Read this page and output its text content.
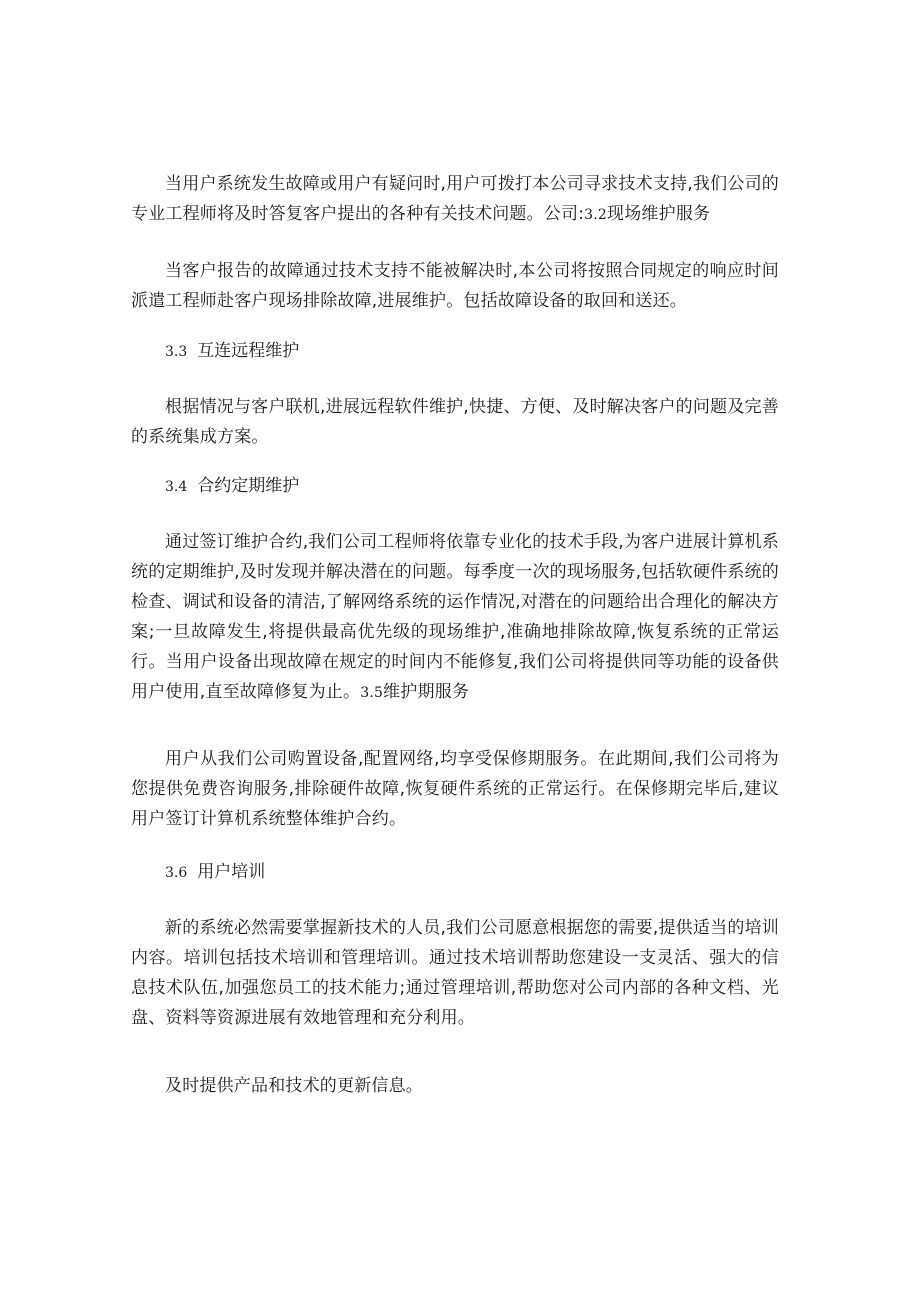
当用户系统发生故障或用户有疑问时,用户可拨打本公司寻求技术支持,我们公司的专业工程师将及时答复客户提出的各种有关技术问题。公司:3.2现场维护服务

当客户报告的故障通过技术支持不能被解决时,本公司将按照合同规定的响应时间派遣工程师赴客户现场排除故障,进展维护。包括故障设备的取回和送还。

3.3 互连远程维护

根据情况与客户联机,进展远程软件维护,快捷、方便、及时解决客户的问题及完善的系统集成方案。

3.4 合约定期维护

通过签订维护合约,我们公司工程师将依靠专业化的技术手段,为客户进展计算机系统的定期维护,及时发现并解决潜在的问题。每季度一次的现场服务,包括软硬件系统的检查、调试和设备的清洁,了解网络系统的运作情况,对潜在的问题给出合理化的解决方案;一旦故障发生,将提供最高优先级的现场维护,准确地排除故障,恢复系统的正常运行。当用户设备出现故障在规定的时间内不能修复,我们公司将提供同等功能的设备供用户使用,直至故障修复为止。3.5维护期服务

用户从我们公司购置设备,配置网络,均享受保修期服务。在此期间,我们公司将为您提供免费咨询服务,排除硬件故障,恢复硬件系统的正常运行。在保修期完毕后,建议用户签订计算机系统整体维护合约。

3.6 用户培训

新的系统必然需要掌握新技术的人员,我们公司愿意根据您的需要,提供适当的培训内容。培训包括技术培训和管理培训。通过技术培训帮助您建设一支灵活、强大的信息技术队伍,加强您员工的技术能力;通过管理培训,帮助您对公司内部的各种文档、光盘、资料等资源进展有效地管理和充分利用。

及时提供产品和技术的更新信息。
